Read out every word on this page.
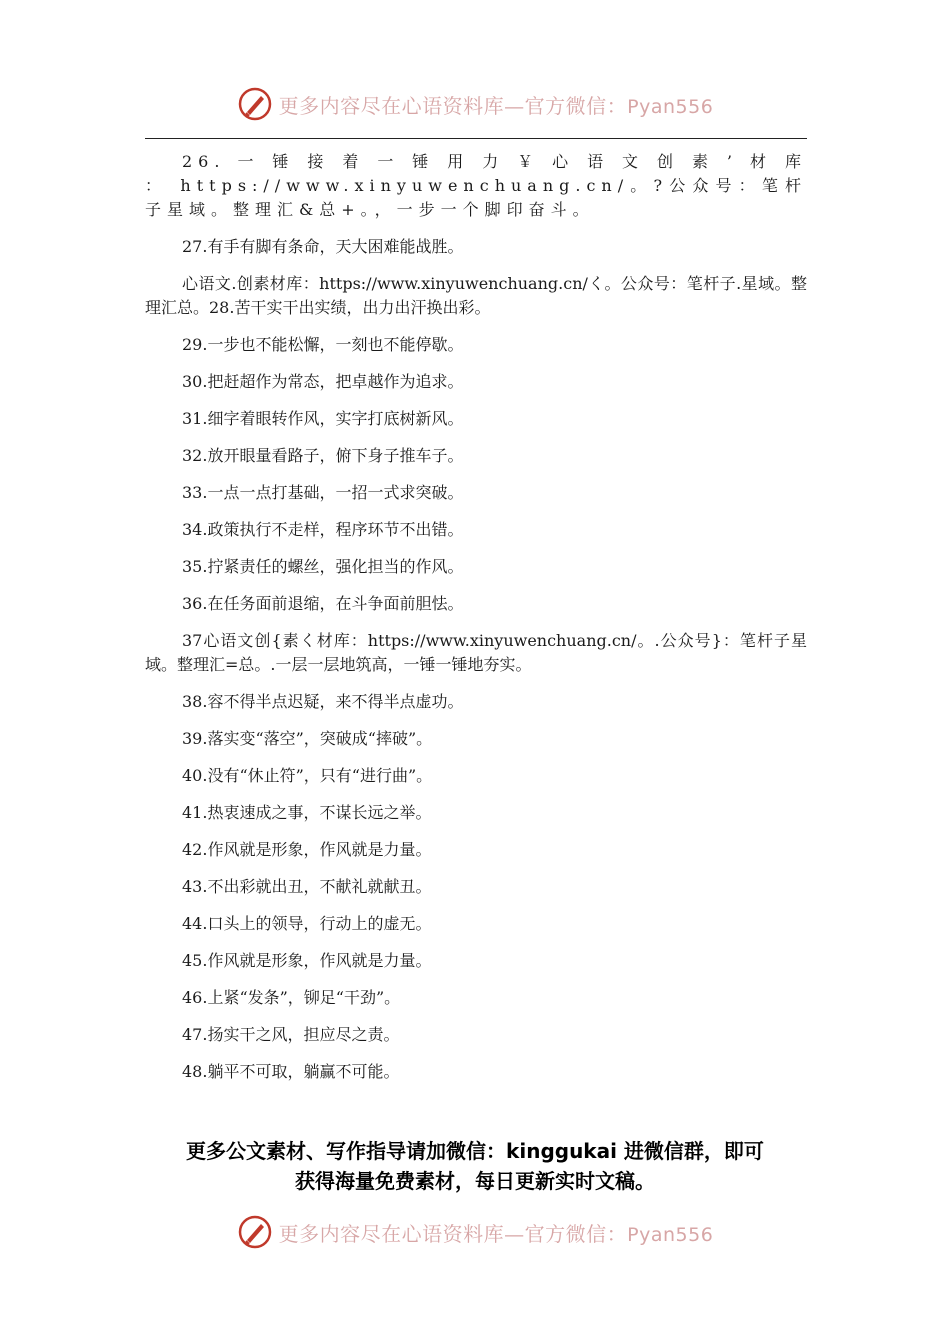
更多内容尽在心语资料库—官方微信：Pyan556

26. 一 锤 接 着 一 锤 用 力 ￥ 心 语 文 创 素 ’ 材 库 ： https://www.xinyuwenchuang.cn/。?公众号：笔杆子星域。整理汇&总+。，一步一个脚印奋斗。

27.有手有脚有条命，天大困难能战胜。

心语文.创素材库：https://www.xinyuwenchuang.cn/く。公众号：笔杆子.星域。整理汇总。28.苦干实干出实绩，出力出汗换出彩。

29.一步也不能松懈，一刻也不能停歇。

30.把赶超作为常态，把卓越作为追求。

31.细字着眼转作风，实字打底树新风。

32.放开眼量看路子，俯下身子推车子。

33.一点一点打基础，一招一式求突破。

34.政策执行不走样，程序环节不出错。

35.拧紧责任的螺丝，强化担当的作风。

36.在任务面前退缩，在斗争面前胆怯。

37心语文创{素く材库：https://www.xinyuwenchuang.cn/。.公众号}：笔杆子星域。整理汇=总。.一层一层地筑高，一锤一锤地夯实。

38.容不得半点迟疑，来不得半点虚功。

39.落实变“落空”，突破成“摔破”。

40.没有“休止符”，只有“进行曲”。

41.热衷速成之事，不谋长远之举。

42.作风就是形象，作风就是力量。

43.不出彩就出丑，不献礼就献丑。

44.口头上的领导，行动上的虚无。

45.作风就是形象，作风就是力量。

46.上紧“发条”，铆足“干劲”。

47.扬实干之风，担应尽之责。

48.躺平不可取，躺赢不可能。

更多公文素材、写作指导请加微信：kinggukai 进微信群，即可
获得海量免费素材，每日更新实时文稿。
更多内容尽在心语资料库—官方微信：Pyan556
